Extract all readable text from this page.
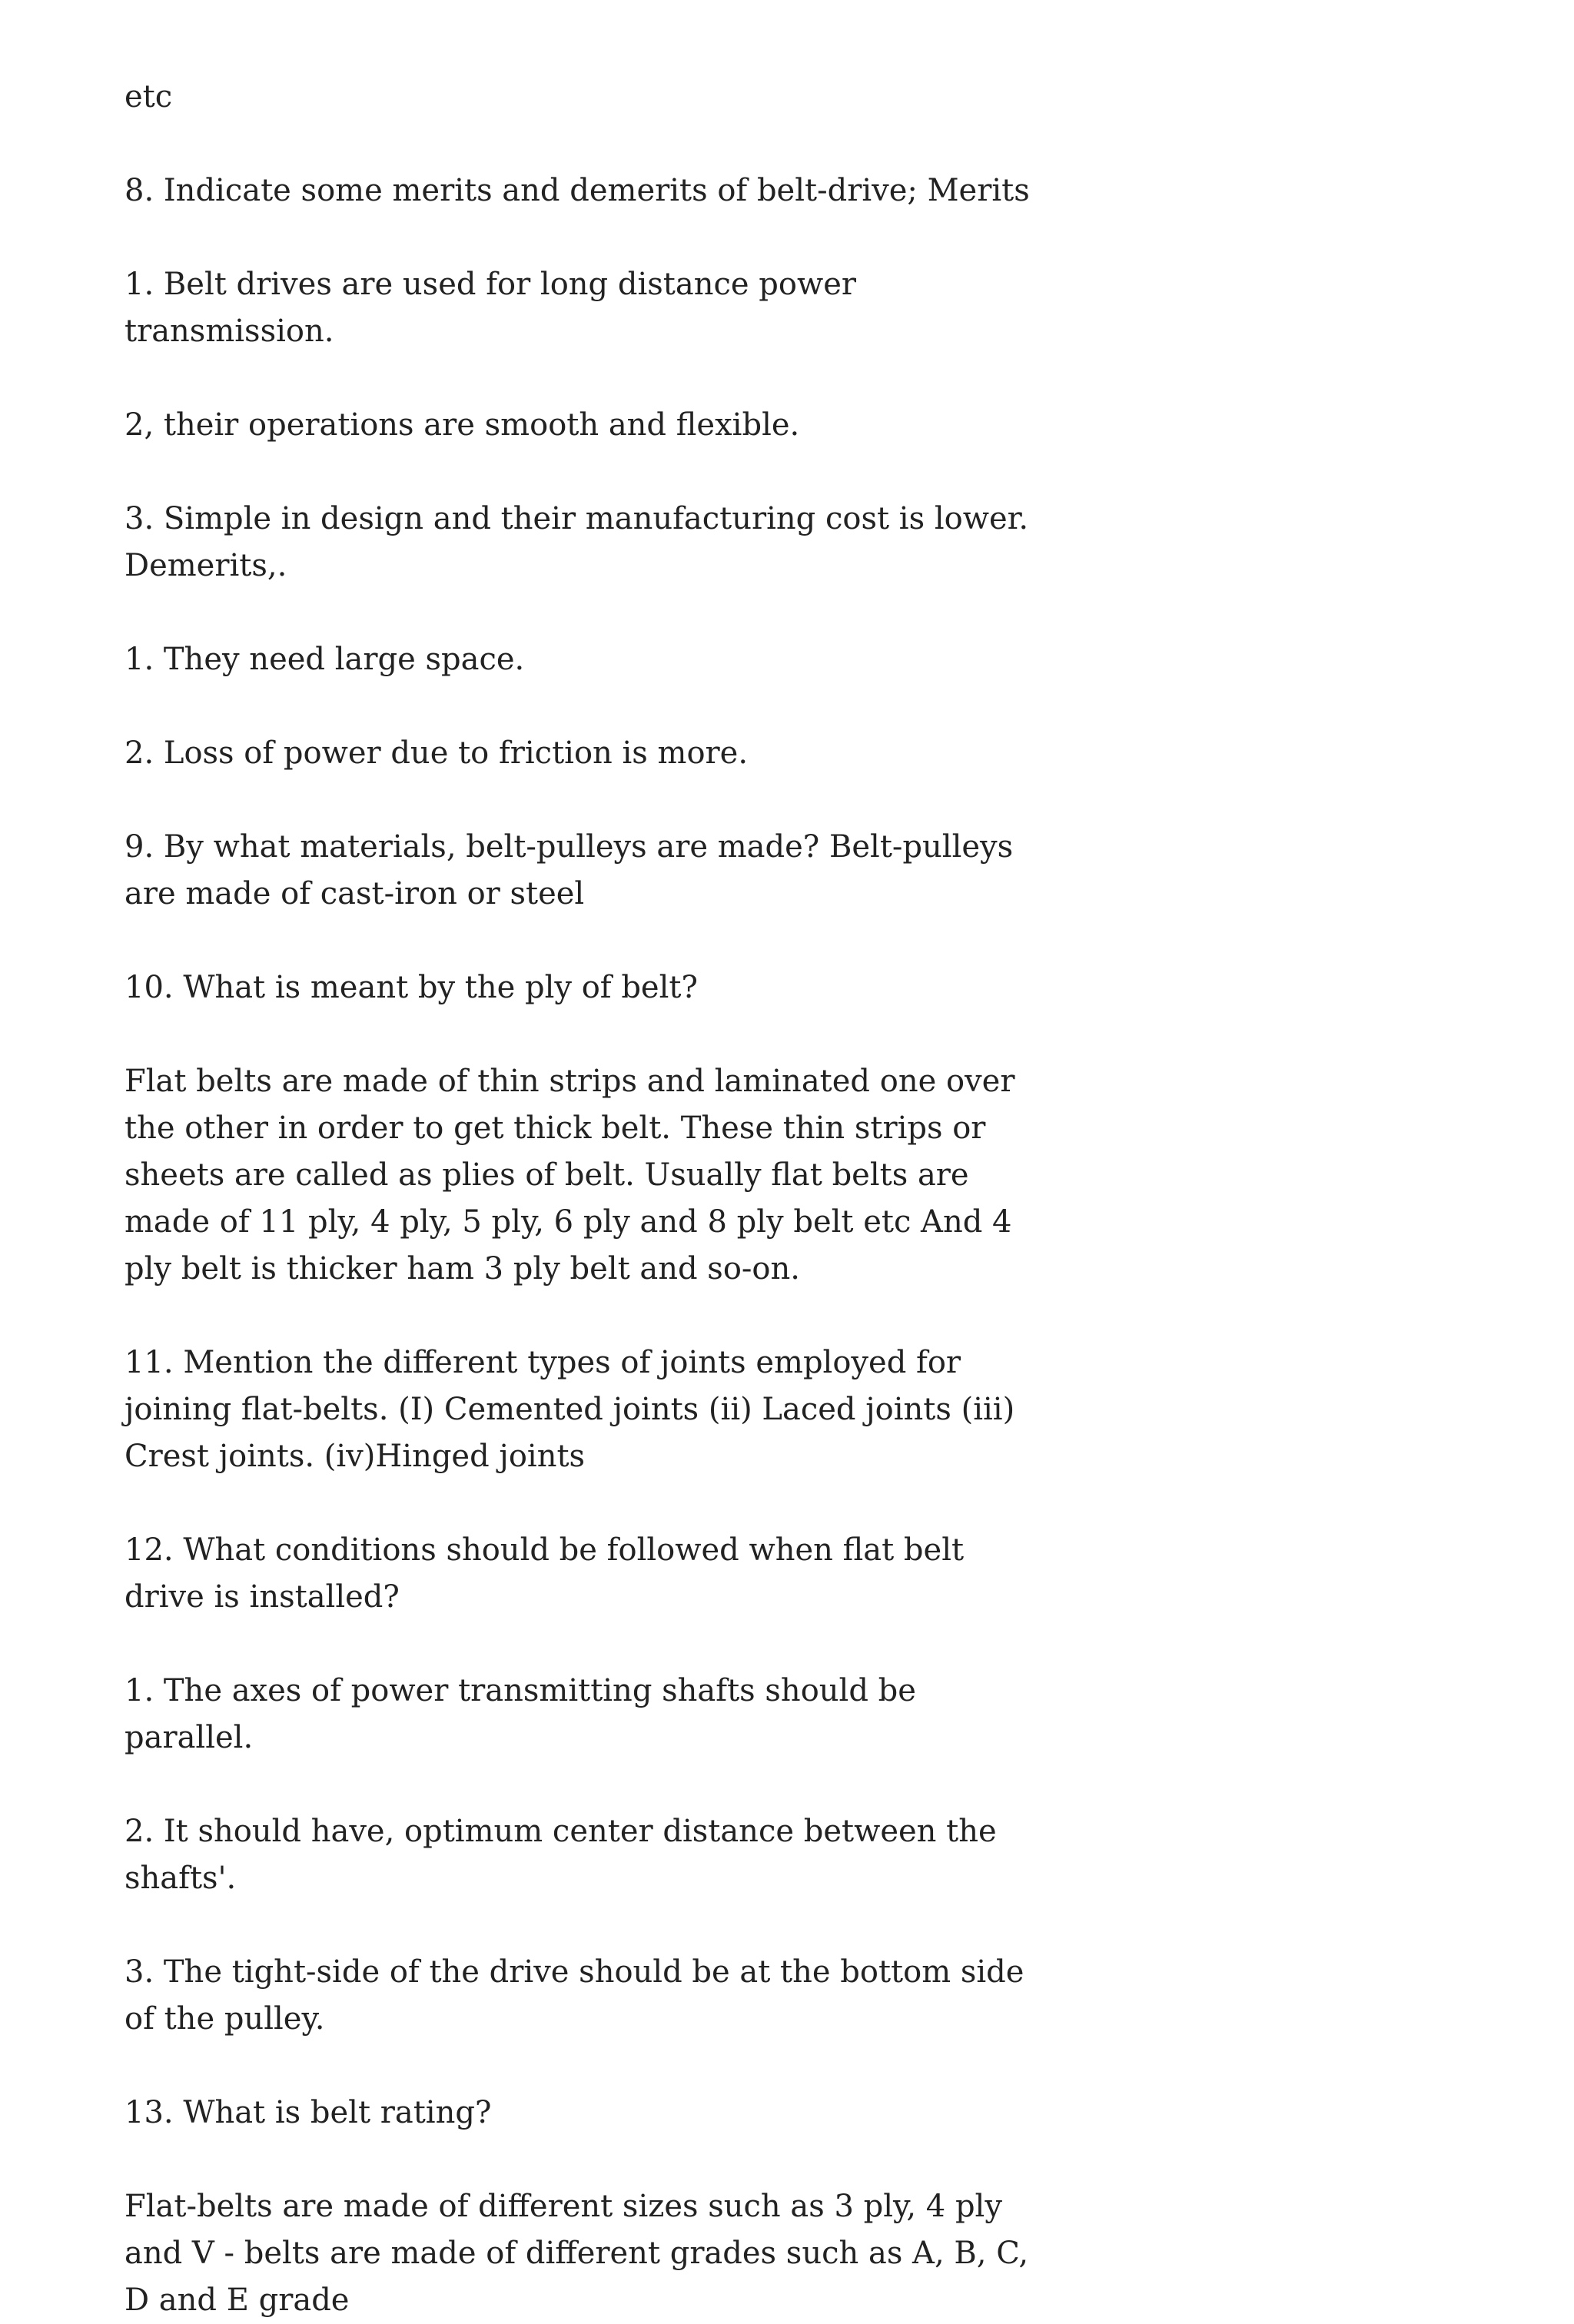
etc

8. Indicate some merits and demerits of belt-drive; Merits

1. Belt drives are used for long distance power transmission.

2, their operations are smooth and flexible.

3. Simple in design and their manufacturing cost is lower. Demerits,.

1. They need large space.

2. Loss of power due to friction is more.

9. By what materials, belt-pulleys are made? Belt-pulleys are made of cast-iron or steel

10. What is meant by the ply of belt?

Flat belts are made of thin strips and laminated one over the other in order to get thick belt. These thin strips or sheets are called as plies of belt. Usually flat belts are made of 11 ply, 4 ply, 5 ply, 6 ply and 8 ply belt etc And 4 ply belt is thicker ham 3 ply belt and so-on.

11. Mention the different types of joints employed for joining flat-belts. (I) Cemented joints (ii) Laced joints (iii) Crest joints. (iv)Hinged joints

12. What conditions should be followed when flat belt drive is installed?

1. The axes of power transmitting shafts should be parallel.

2. It should have, optimum center distance between the shafts'.

3. The tight-side of the drive should be at the bottom side of the pulley.

13. What is belt rating?

Flat-belts are made of different sizes such as 3 ply, 4 ply and V - belts are made of different grades such as A, B, C, D and E grade
